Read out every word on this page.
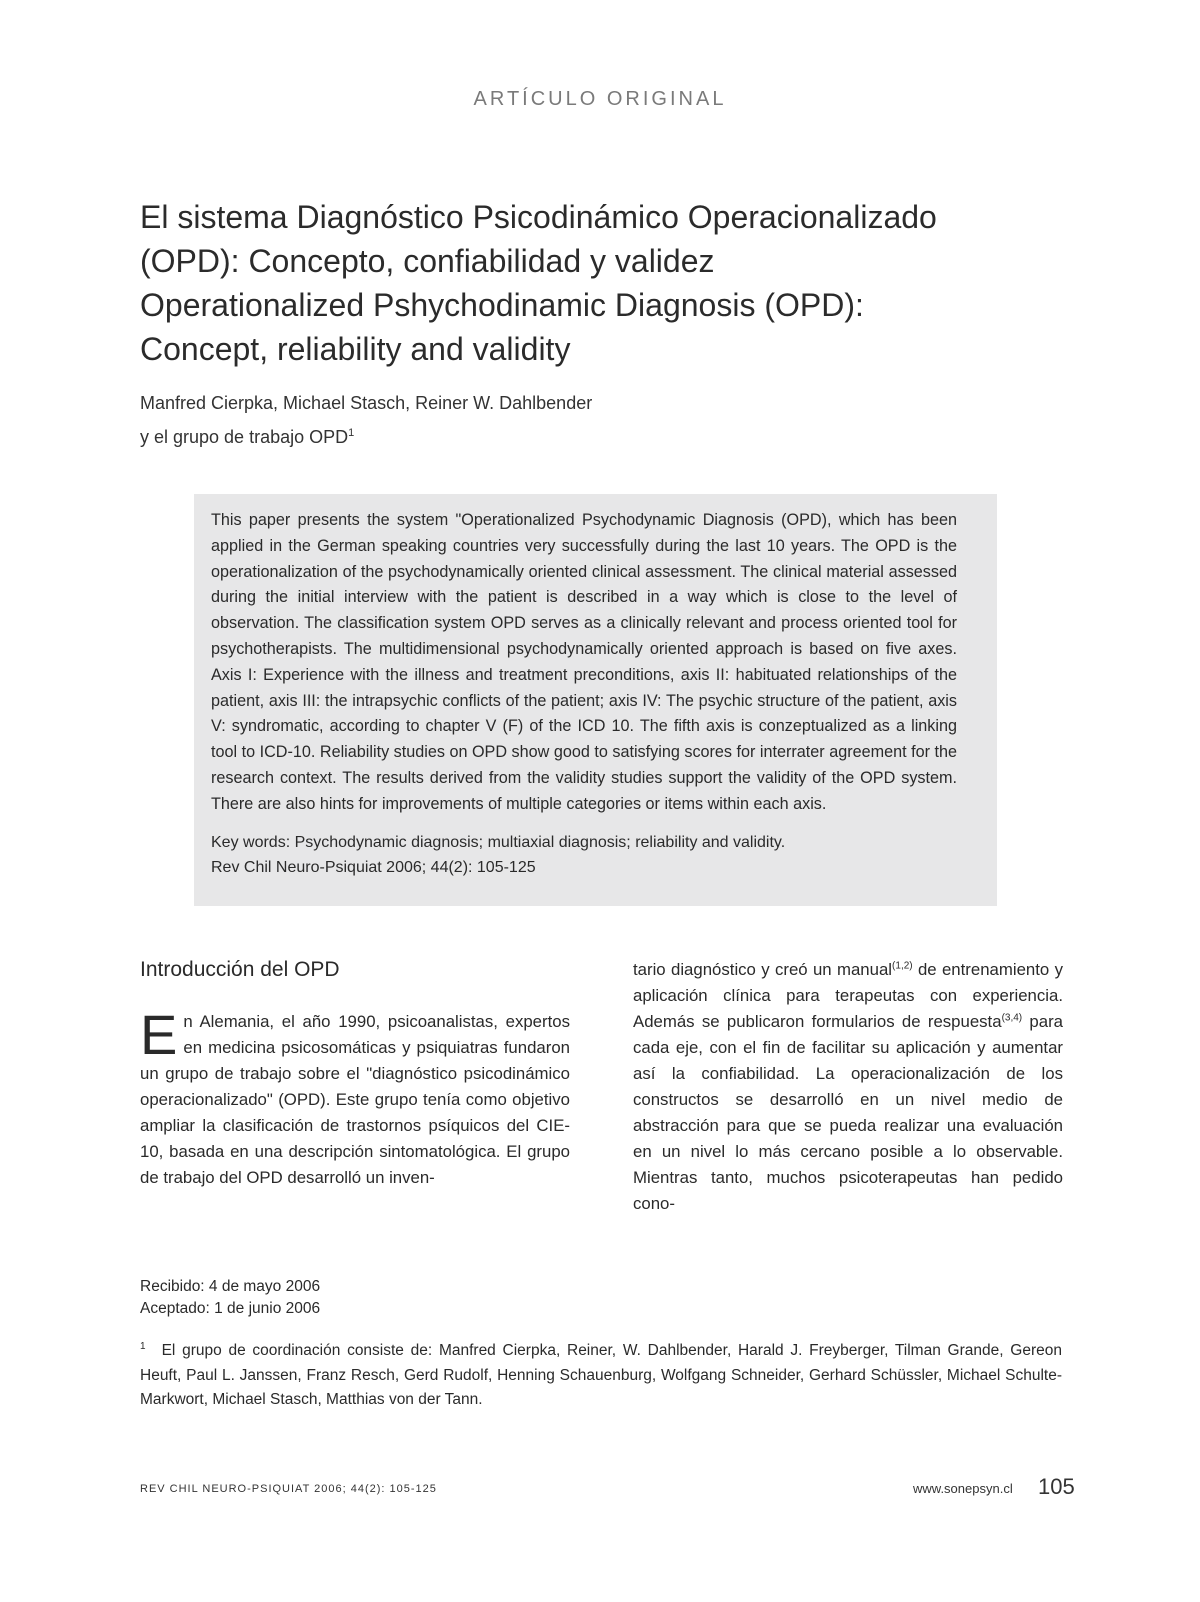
ARTÍCULO ORIGINAL
El sistema Diagnóstico Psicodinámico Operacionalizado
(OPD): Concepto, confiabilidad y validez
Operationalized Pshychodinamic Diagnosis (OPD):
Concept, reliability and validity
Manfred Cierpka, Michael Stasch, Reiner W. Dahlbender
y el grupo de trabajo OPD$^1$
This paper presents the system "Operationalized Psychodynamic Diagnosis (OPD), which has been applied in the German speaking countries very successfully during the last 10 years. The OPD is the operationalization of the psychodynamically oriented clinical assessment. The clinical material assessed during the initial interview with the patient is described in a way which is close to the level of observation. The classification system OPD serves as a clinically relevant and process oriented tool for psychotherapists. The multidimensional psychodynamically oriented approach is based on five axes. Axis I: Experience with the illness and treatment preconditions, axis II: habituated relationships of the patient, axis III: the intrapsychic conflicts of the patient; axis IV: The psychic structure of the patient, axis V: syndromatic, according to chapter V (F) of the ICD 10. The fifth axis is conzeptualized as a linking tool to ICD-10. Reliability studies on OPD show good to satisfying scores for interrater agreement for the research context. The results derived from the validity studies support the validity of the OPD system. There are also hints for improvements of multiple categories or items within each axis.
Key words: Psychodynamic diagnosis; multiaxial diagnosis; reliability and validity.
Rev Chil Neuro-Psiquiat 2006; 44(2): 105-125
Introducción del OPD
En Alemania, el año 1990, psicoanalistas, expertos en medicina psicosomáticas y psiquiatras fundaron un grupo de trabajo sobre el "diagnóstico psicodinámico operacionalizado" (OPD). Este grupo tenía como objetivo ampliar la clasificación de trastornos psíquicos del CIE-10, basada en una descripción sintomatológica. El grupo de trabajo del OPD desarrolló un inven-
tario diagnóstico y creó un manual$^{(1,2)}$ de entrenamiento y aplicación clínica para terapeutas con experiencia. Además se publicaron formularios de respuesta$^{(3,4)}$ para cada eje, con el fin de facilitar su aplicación y aumentar así la confiabilidad. La operacionalización de los constructos se desarrolló en un nivel medio de abstracción para que se pueda realizar una evaluación en un nivel lo más cercano posible a lo observable. Mientras tanto, muchos psicoterapeutas han pedido cono-
Recibido: 4 de mayo 2006
Aceptado: 1 de junio 2006
$^1$ El grupo de coordinación consiste de: Manfred Cierpka, Reiner, W. Dahlbender, Harald J. Freyberger, Tilman Grande, Gereon Heuft, Paul L. Janssen, Franz Resch, Gerd Rudolf, Henning Schauenburg, Wolfgang Schneider, Gerhard Schüssler, Michael Schulte-Markwort, Michael Stasch, Matthias von der Tann.
REV CHIL NEURO-PSIQUIAT 2006; 44(2): 105-125	www.sonepsyn.cl 105
